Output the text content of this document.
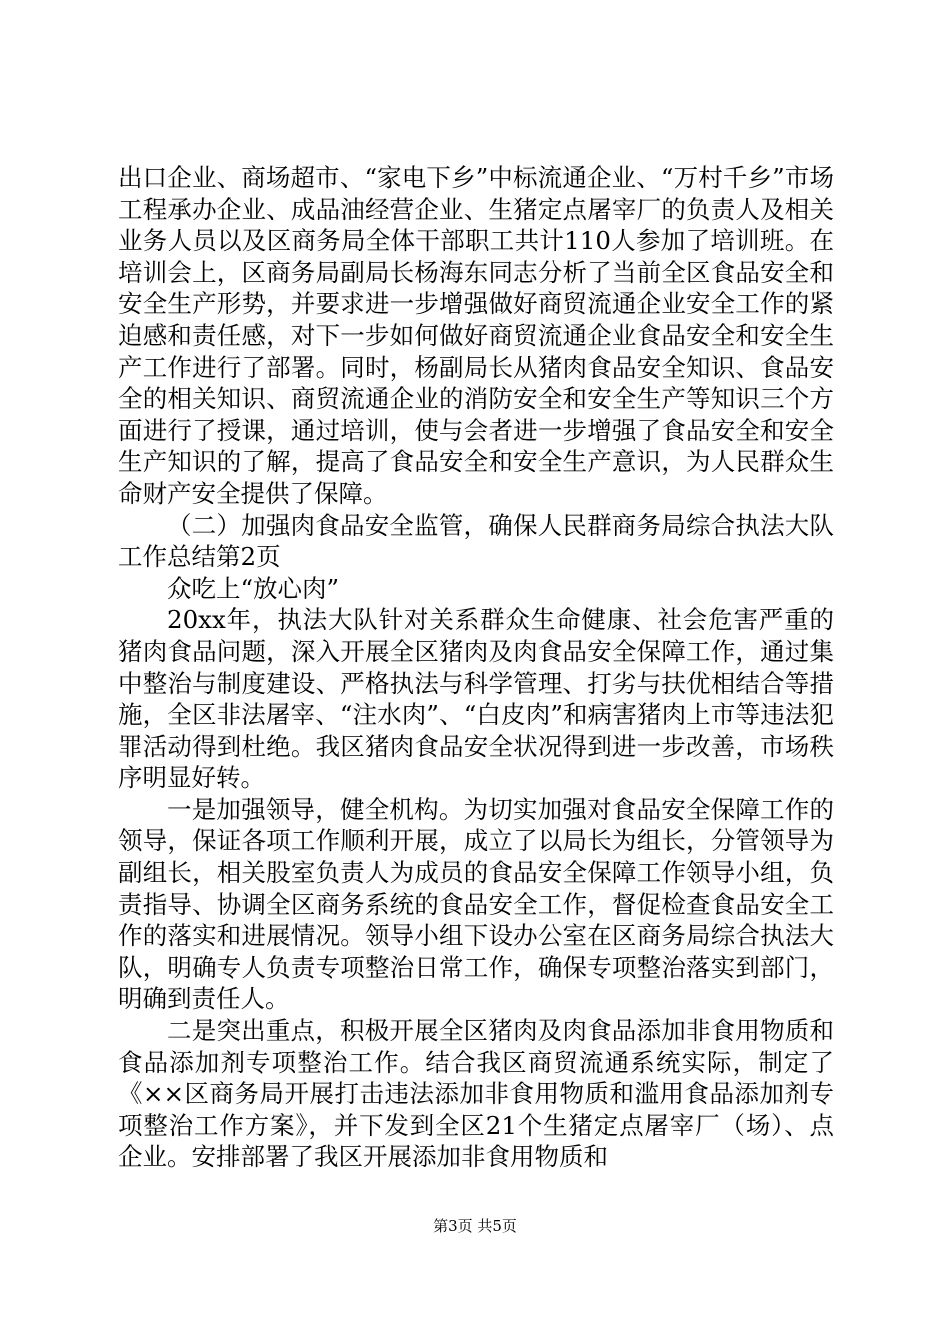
出口企业、商场超市、“家电下乡”中标流通企业、“万村千乡”市场工程承办企业、成品油经营企业、生猪定点屠宰厂的负责人及相关业务人员以及区商务局全体干部职工共计110人参加了培训班。在培训会上，区商务局副局长杨海东同志分析了当前全区食品安全和安全生产形势，并要求进一步增强做好商贸流通企业安全工作的紧迫感和责任感，对下一步如何做好商贸流通企业食品安全和安全生产工作进行了部署。同时，杨副局长从猪肉食品安全知识、食品安全的相关知识、商贸流通企业的消防安全和安全生产等知识三个方面进行了授课，通过培训，使与会者进一步增强了食品安全和安全生产知识的了解，提高了食品安全和安全生产意识，为人民群众生命财产安全提供了保障。

（二）加强肉食品安全监管，确保人民群商务局综合执法大队工作总结第2页

众吃上“放心肉”

20xx年，执法大队针对关系群众生命健康、社会危害严重的猪肉食品问题，深入开展全区猪肉及肉食品安全保障工作，通过集中整治与制度建设、严格执法与科学管理、打劣与扶优相结合等措施，全区非法屠宰、“注水肉”、“白皮肉”和病害猪肉上市等违法犯罪活动得到杜绝。我区猪肉食品安全状况得到进一步改善，市场秩序明显好转。

一是加强领导，健全机构。为切实加强对食品安全保障工作的领导，保证各项工作顺利开展，成立了以局长为组长，分管领导为副组长，相关股室负责人为成员的食品安全保障工作领导小组，负责指导、协调全区商务系统的食品安全工作，督促检查食品安全工作的落实和进展情况。领导小组下设办公室在区商务局综合执法大队，明确专人负责专项整治日常工作，确保专项整治落实到部门，明确到责任人。

二是突出重点，积极开展全区猪肉及肉食品添加非食用物质和食品添加剂专项整治工作。结合我区商贸流通系统实际，制定了《××区商务局开展打击违法添加非食用物质和滥用食品添加剂专项整治工作方案》，并下发到全区21个生猪定点屠宰厂（场）、点企业。安排部署了我区开展添加非食用物质和

第3页 共5页
